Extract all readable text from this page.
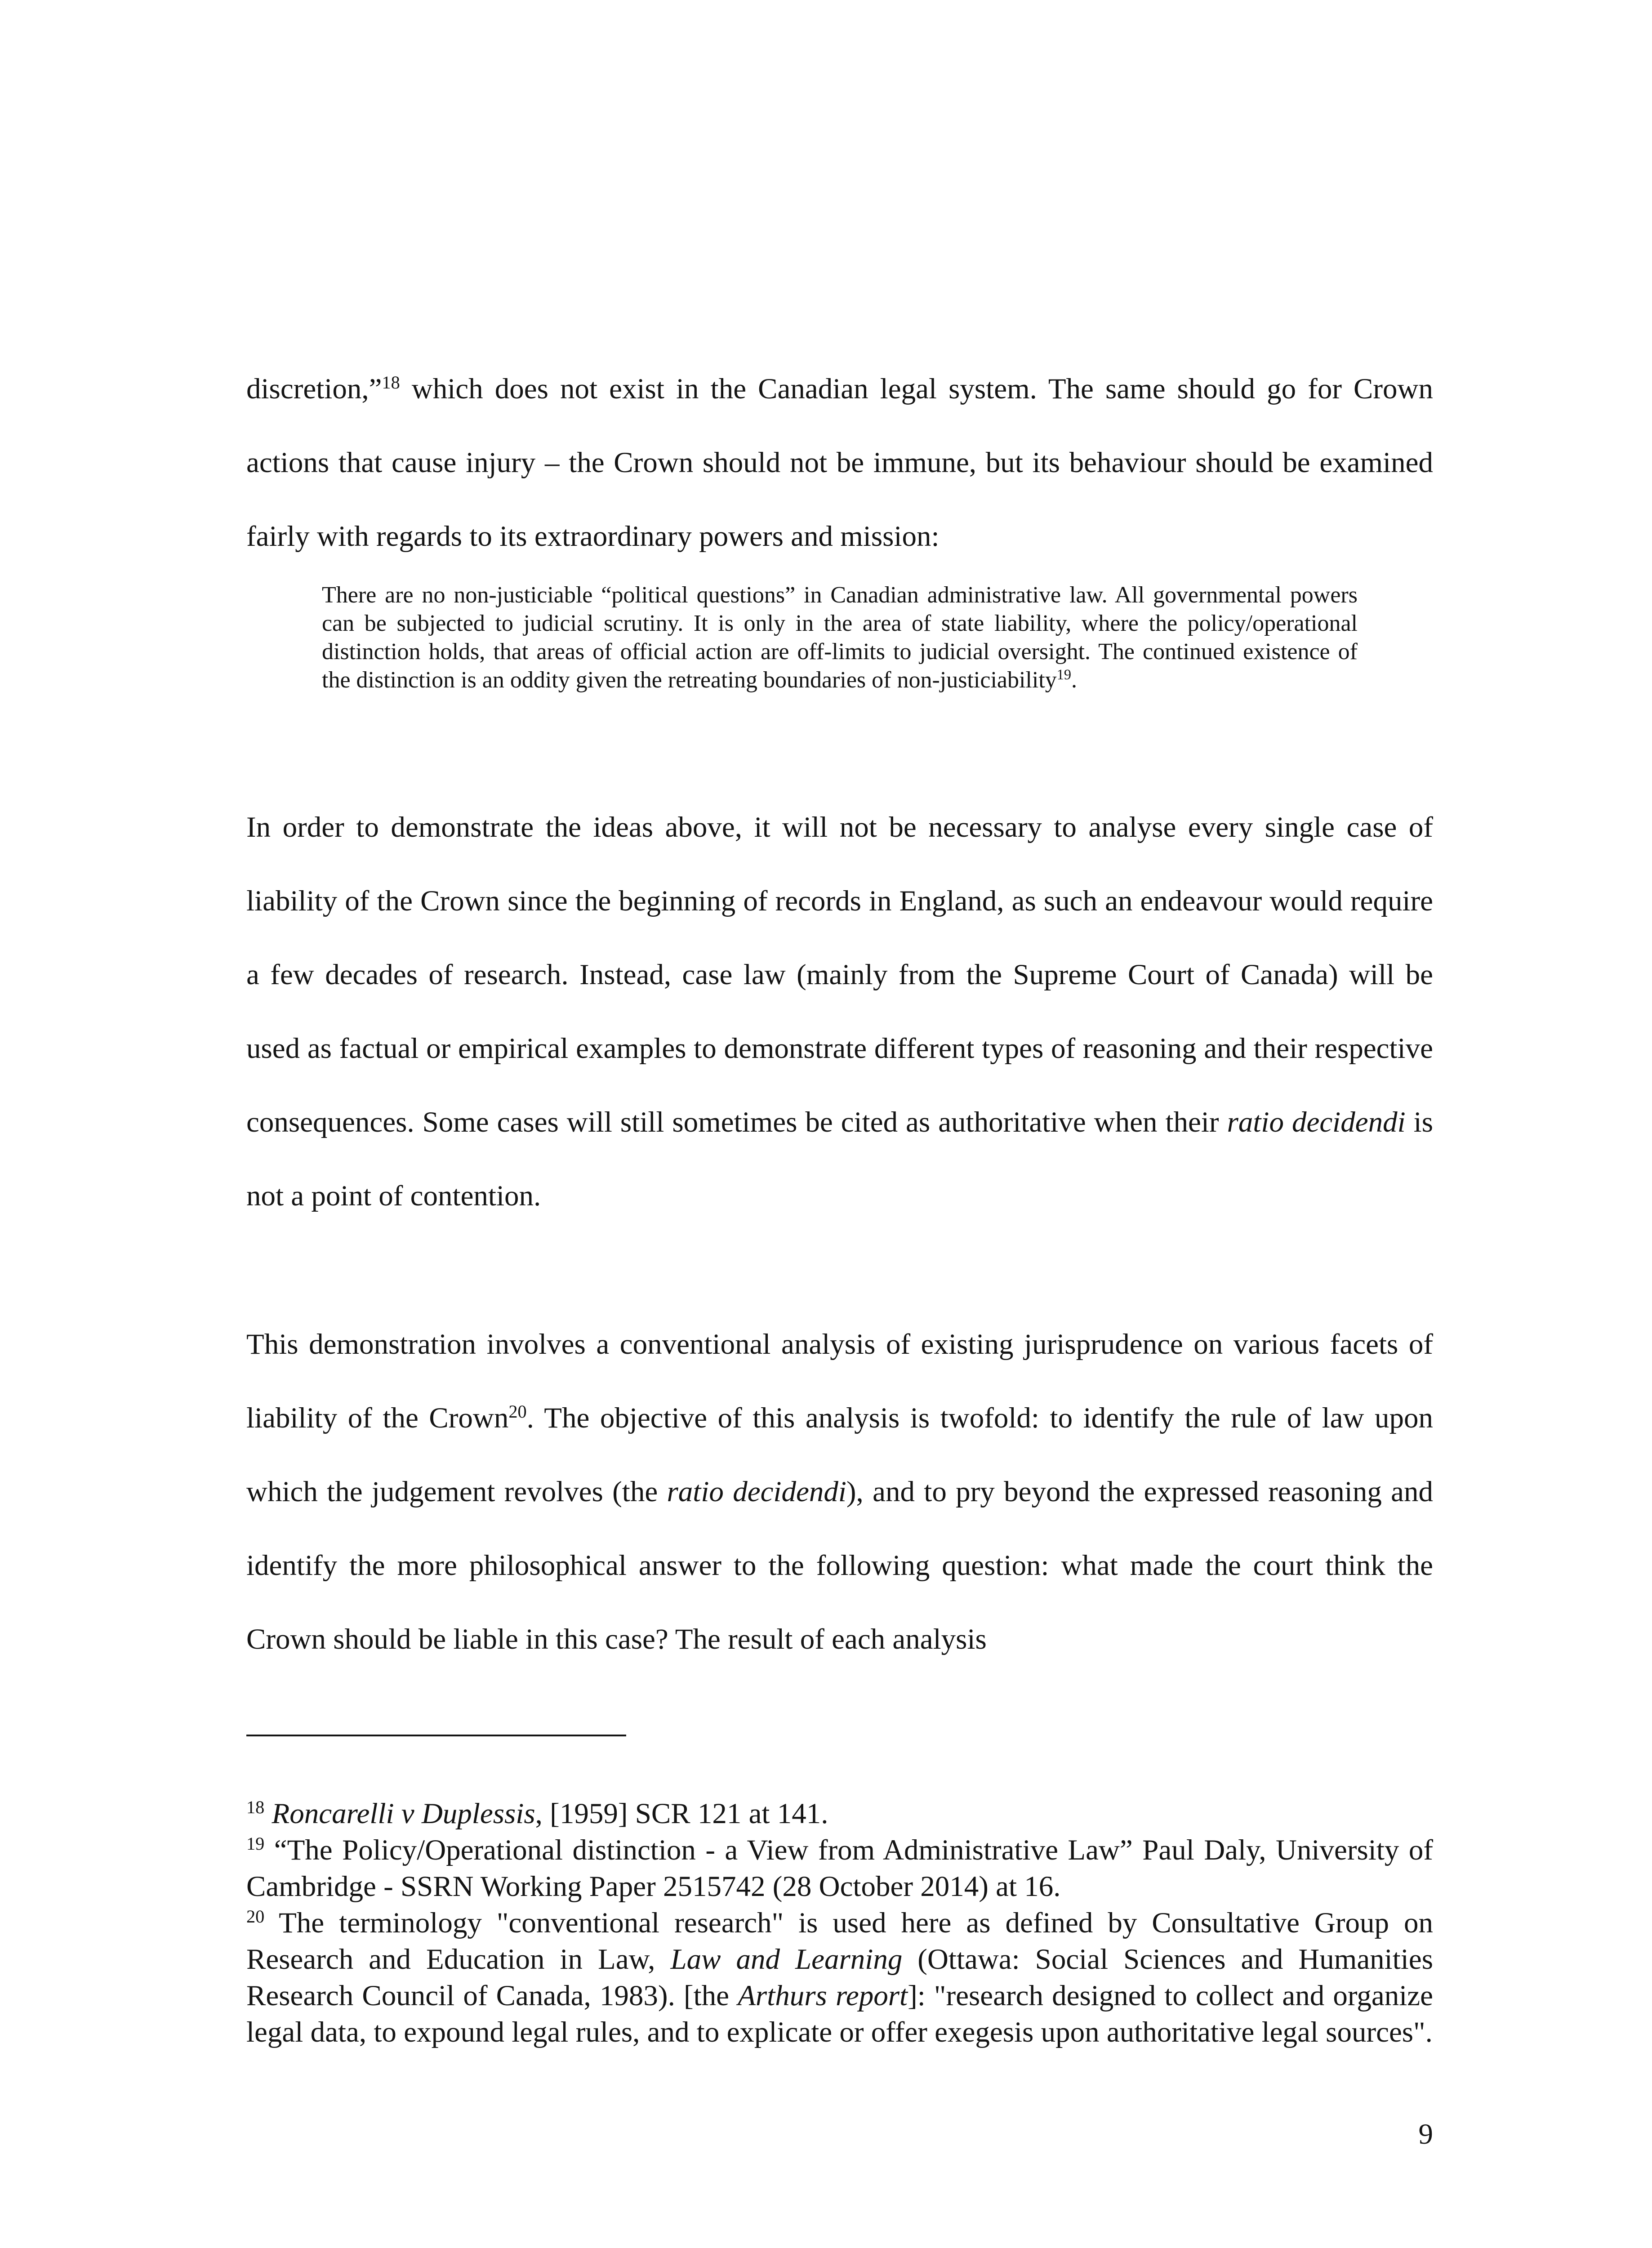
discretion,”$^{18}$ which does not exist in the Canadian legal system. The same should go for Crown actions that cause injury – the Crown should not be immune, but its behaviour should be examined fairly with regards to its extraordinary powers and mission:

There are no non-justiciable “political questions” in Canadian administrative law. All governmental powers can be subjected to judicial scrutiny. It is only in the area of state liability, where the policy/operational distinction holds, that areas of official action are off-limits to judicial oversight. The continued existence of the distinction is an oddity given the retreating boundaries of non-justiciability$^{19}$.

In order to demonstrate the ideas above, it will not be necessary to analyse every single case of liability of the Crown since the beginning of records in England, as such an endeavour would require a few decades of research. Instead, case law (mainly from the Supreme Court of Canada) will be used as factual or empirical examples to demonstrate different types of reasoning and their respective consequences. Some cases will still sometimes be cited as authoritative when their ratio decidendi is not a point of contention.

This demonstration involves a conventional analysis of existing jurisprudence on various facets of liability of the Crown$^{20}$. The objective of this analysis is twofold: to identify the rule of law upon which the judgement revolves (the ratio decidendi), and to pry beyond the expressed reasoning and identify the more philosophical answer to the following question: what made the court think the Crown should be liable in this case? The result of each analysis

$^{18}$ Roncarelli v Duplessis, [1959] SCR 121 at 141.

$^{19}$ “The Policy/Operational distinction - a View from Administrative Law” Paul Daly, University of Cambridge - SSRN Working Paper 2515742 (28 October 2014) at 16.

$^{20}$ The terminology "conventional research" is used here as defined by Consultative Group on Research and Education in Law, Law and Learning (Ottawa: Social Sciences and Humanities Research Council of Canada, 1983). [the Arthurs report]: "research designed to collect and organize legal data, to expound legal rules, and to explicate or offer exegesis upon authoritative legal sources".

9
